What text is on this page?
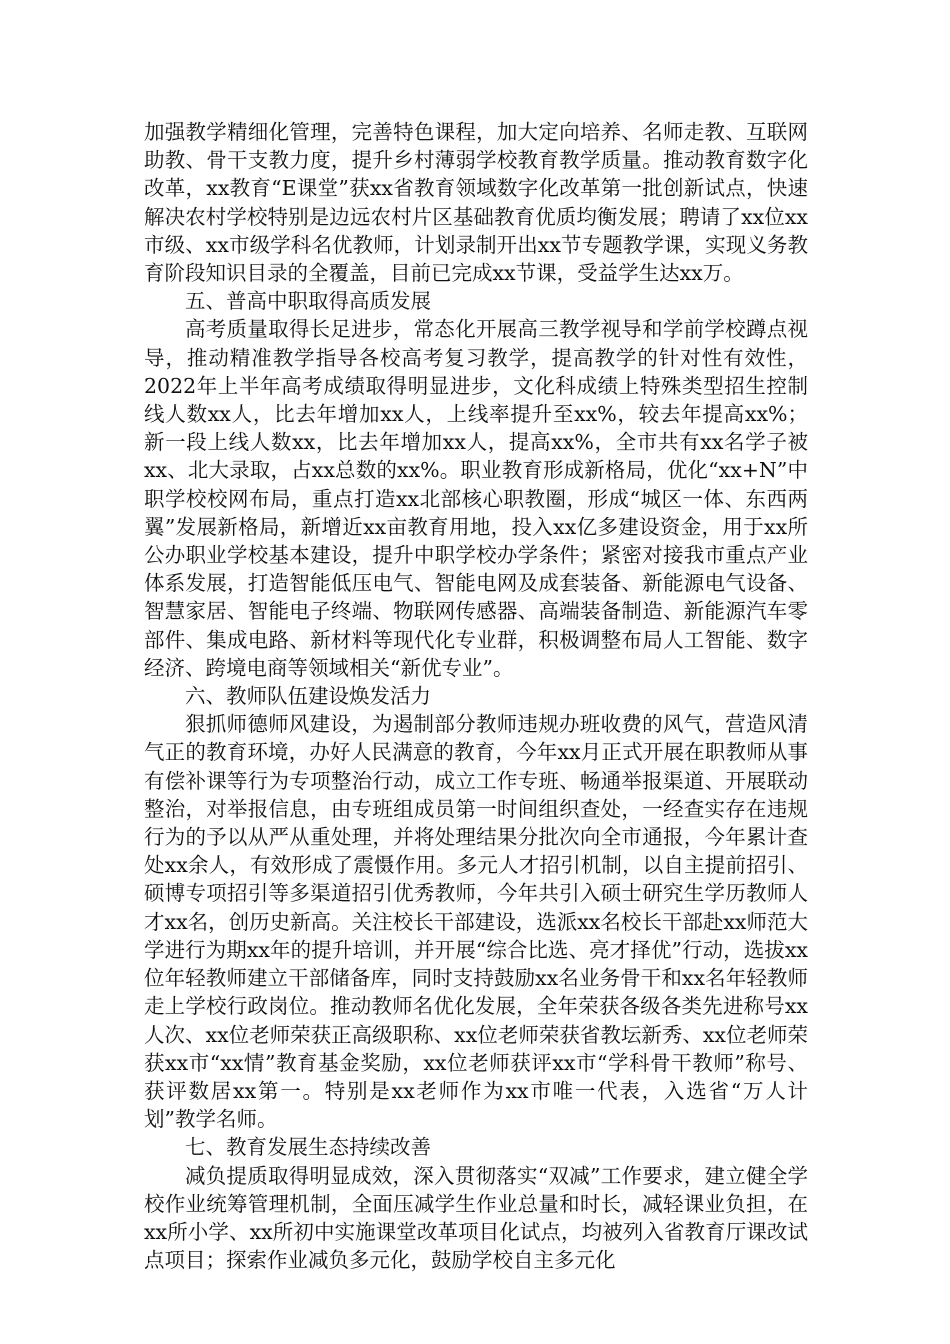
加强教学精细化管理，完善特色课程，加大定向培养、名师走教、互联网助教、骨干支教力度，提升乡村薄弱学校教育教学质量。推动教育数字化改革，xx教育“E课堂”获xx省教育领域数字化改革第一批创新试点，快速解决农村学校特别是边远农村片区基础教育优质均衡发展；聘请了xx位xx市级、xx市级学科名优教师，计划录制开出xx节专题教学课，实现义务教育阶段知识目录的全覆盖，目前已完成xx节课，受益学生达xx万。

五、普高中职取得高质发展

高考质量取得长足进步，常态化开展高三教学视导和学前学校蹲点视导，推动精准教学指导各校高考复习教学，提高教学的针对性有效性，2022年上半年高考成绩取得明显进步，文化科成绩上特殊类型招生控制线人数xx人，比去年增加xx人，上线率提升至xx%，较去年提高xx%；新一段上线人数xx，比去年增加xx人，提高xx%，全市共有xx名学子被xx、北大录取，占xx总数的xx%。职业教育形成新格局，优化“xx+N”中职学校校网布局，重点打造xx北部核心职教圈，形成“城区一体、东西两翼”发展新格局，新增近xx亩教育用地，投入xx亿多建设资金，用于xx所公办职业学校基本建设，提升中职学校办学条件；紧密对接我市重点产业体系发展，打造智能低压电气、智能电网及成套装备、新能源电气设备、智慧家居、智能电子终端、物联网传感器、高端装备制造、新能源汽车零部件、集成电路、新材料等现代化专业群，积极调整布局人工智能、数字经济、跨境电商等领域相关“新优专业”。

六、教师队伍建设焕发活力

狠抓师德师风建设，为遏制部分教师违规办班收费的风气，营造风清气正的教育环境，办好人民满意的教育，今年xx月正式开展在职教师从事有偿补课等行为专项整治行动，成立工作专班、畅通举报渠道、开展联动整治，对举报信息，由专班组成员第一时间组织查处，一经查实存在违规行为的予以从严从重处理，并将处理结果分批次向全市通报，今年累计查处xx余人，有效形成了震慑作用。多元人才招引机制，以自主提前招引、硕博专项招引等多渠道招引优秀教师，今年共引入硕士研究生学历教师人才xx名，创历史新高。关注校长干部建设，选派xx名校长干部赴xx师范大学进行为期xx年的提升培训，并开展“综合比选、亮才择优”行动，选拔xx位年轻教师建立干部储备库，同时支持鼓励xx名业务骨干和xx名年轻教师走上学校行政岗位。推动教师名优化发展，全年荣获各级各类先进称号xx人次、xx位老师荣获正高级职称、xx位老师荣获省教坛新秀、xx位老师荣获xx市“xx情”教育基金奖励，xx位老师获评xx市“学科骨干教师”称号、获评数居xx第一。特别是xx老师作为xx市唯一代表，入选省“万人计划”教学名师。

七、教育发展生态持续改善

减负提质取得明显成效，深入贯彻落实“双减”工作要求，建立健全学校作业统筹管理机制，全面压减学生作业总量和时长，减轻课业负担，在xx所小学、xx所初中实施课堂改革项目化试点，均被列入省教育厅课改试点项目；探索作业减负多元化，鼓励学校自主多元化
